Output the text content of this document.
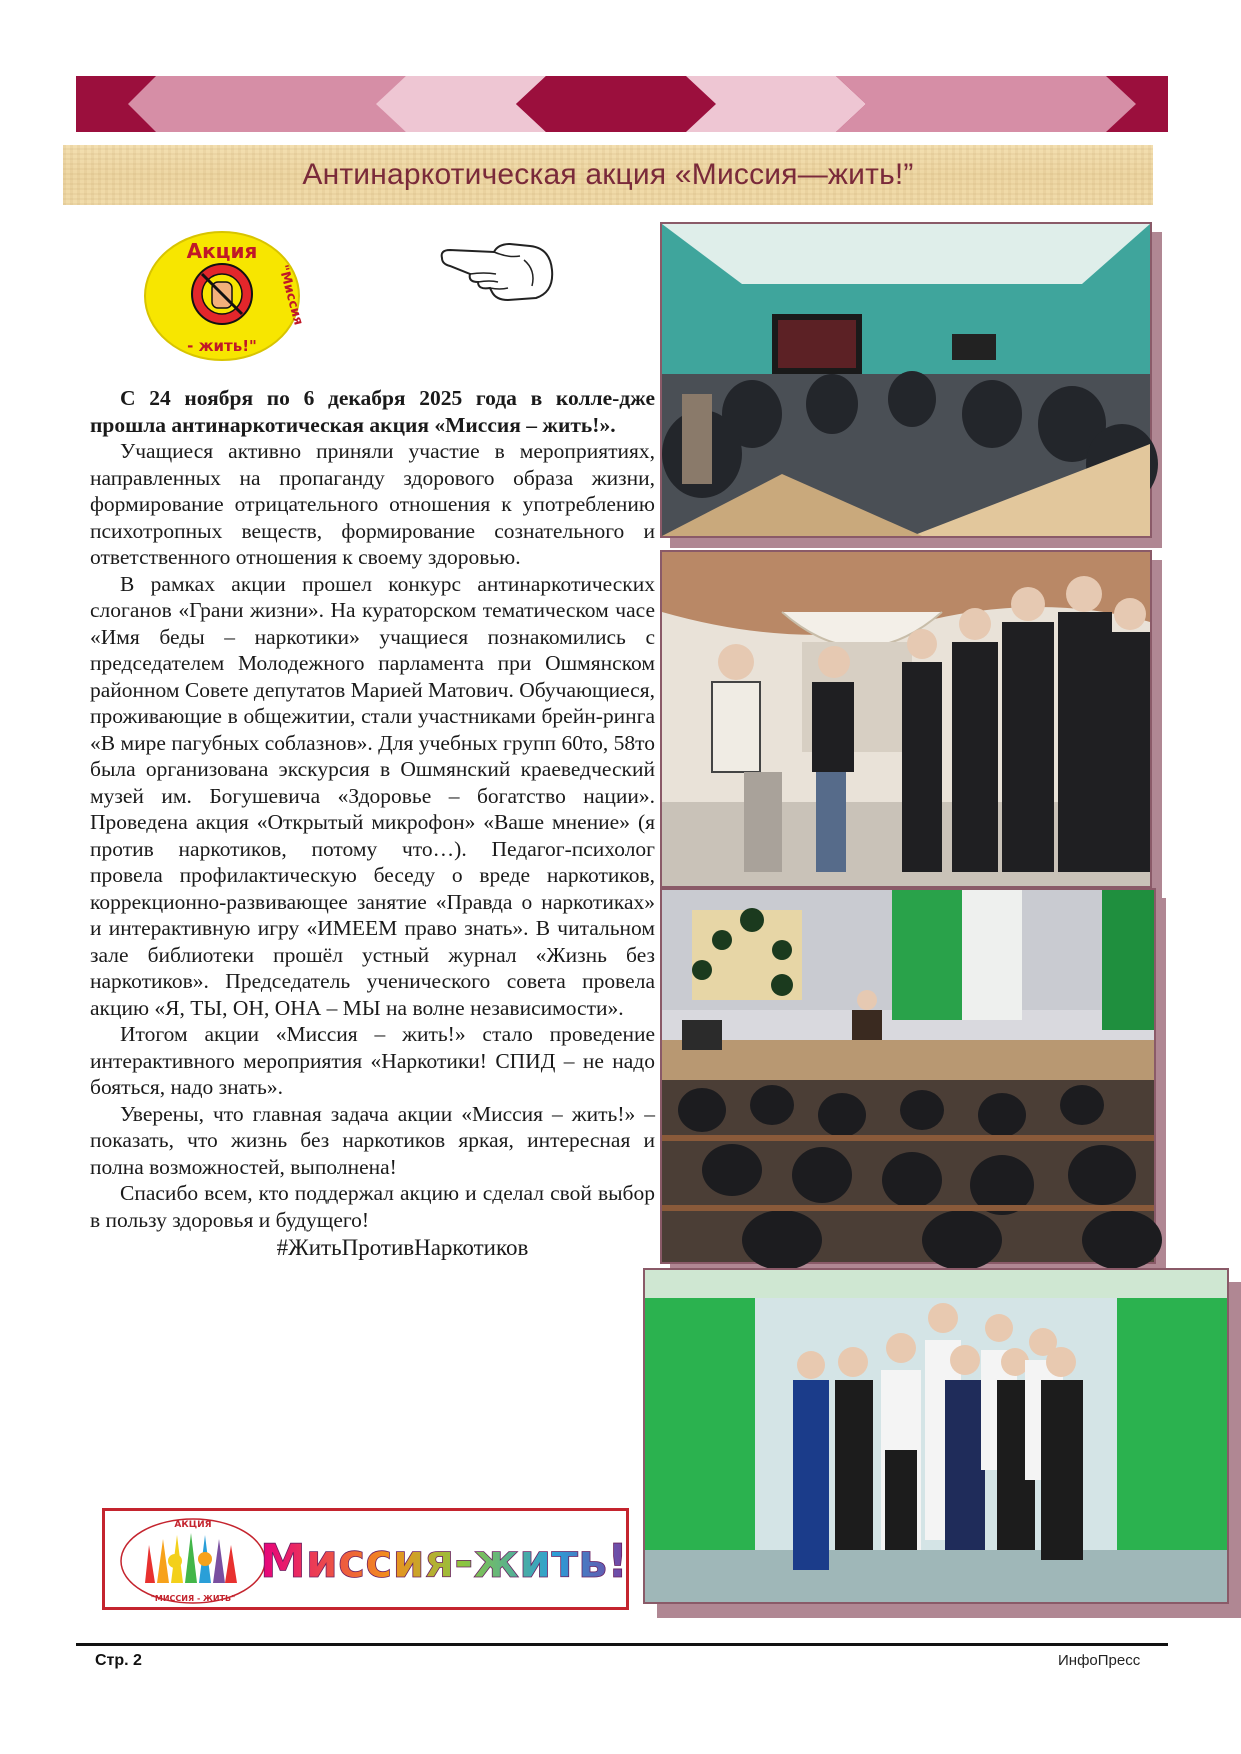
Антинаркотическая акция «Миссия—жить!”
Акция
"Миссия
- жить!"

С 24 ноября по 6 декабря 2025 года в колле-дже прошла антинаркотическая акция «Миссия – жить!».

Учащиеся активно приняли участие в мероприятиях, направленных на пропаганду здорового образа жизни, формирование отрицательного отношения к употреблению психотропных веществ, формирование сознательного и ответственного отношения к своему здоровью.

В рамках акции прошел конкурс антинаркотических слоганов «Грани жизни». На кураторском тематическом часе «Имя беды – наркотики» учащиеся познакомились с председателем Молодежного парламента при Ошмянском районном Совете депутатов Марией Матович. Обучающиеся, проживающие в общежитии, стали участниками брейн-ринга «В мире пагубных соблазнов». Для учебных групп 60то, 58то была организована экскурсия в Ошмянский краеведческий музей им. Богушевича «Здоровье – богатство нации». Проведена акция «Открытый микрофон» «Ваше мнение» (я против наркотиков, потому что…). Педагог-психолог провела профилактическую беседу о вреде наркотиков, коррекционно-развивающее занятие «Правда о наркотиках» и интерактивную игру «ИМЕЕМ право знать». В читальном зале библиотеки прошёл устный журнал «Жизнь без наркотиков». Председатель ученического совета провела акцию «Я, ТЫ, ОН, ОНА – МЫ на волне независимости».

Итогом акции «Миссия – жить!» стало проведение интерактивного мероприятия «Наркотики! СПИД – не надо бояться, надо знать».

Уверены, что главная задача акции «Миссия – жить!» – показать, что жизнь без наркотиков яркая, интересная и полна возможностей, выполнена!

Спасибо всем, кто поддержал акцию и сделал свой выбор в пользу здоровья и будущего!

#ЖитьПротивНаркотиков

АКЦИЯ
"МИССИЯ - ЖИТЬ"
Миссия-жить!
Стр. 2	ИнфоПресс
